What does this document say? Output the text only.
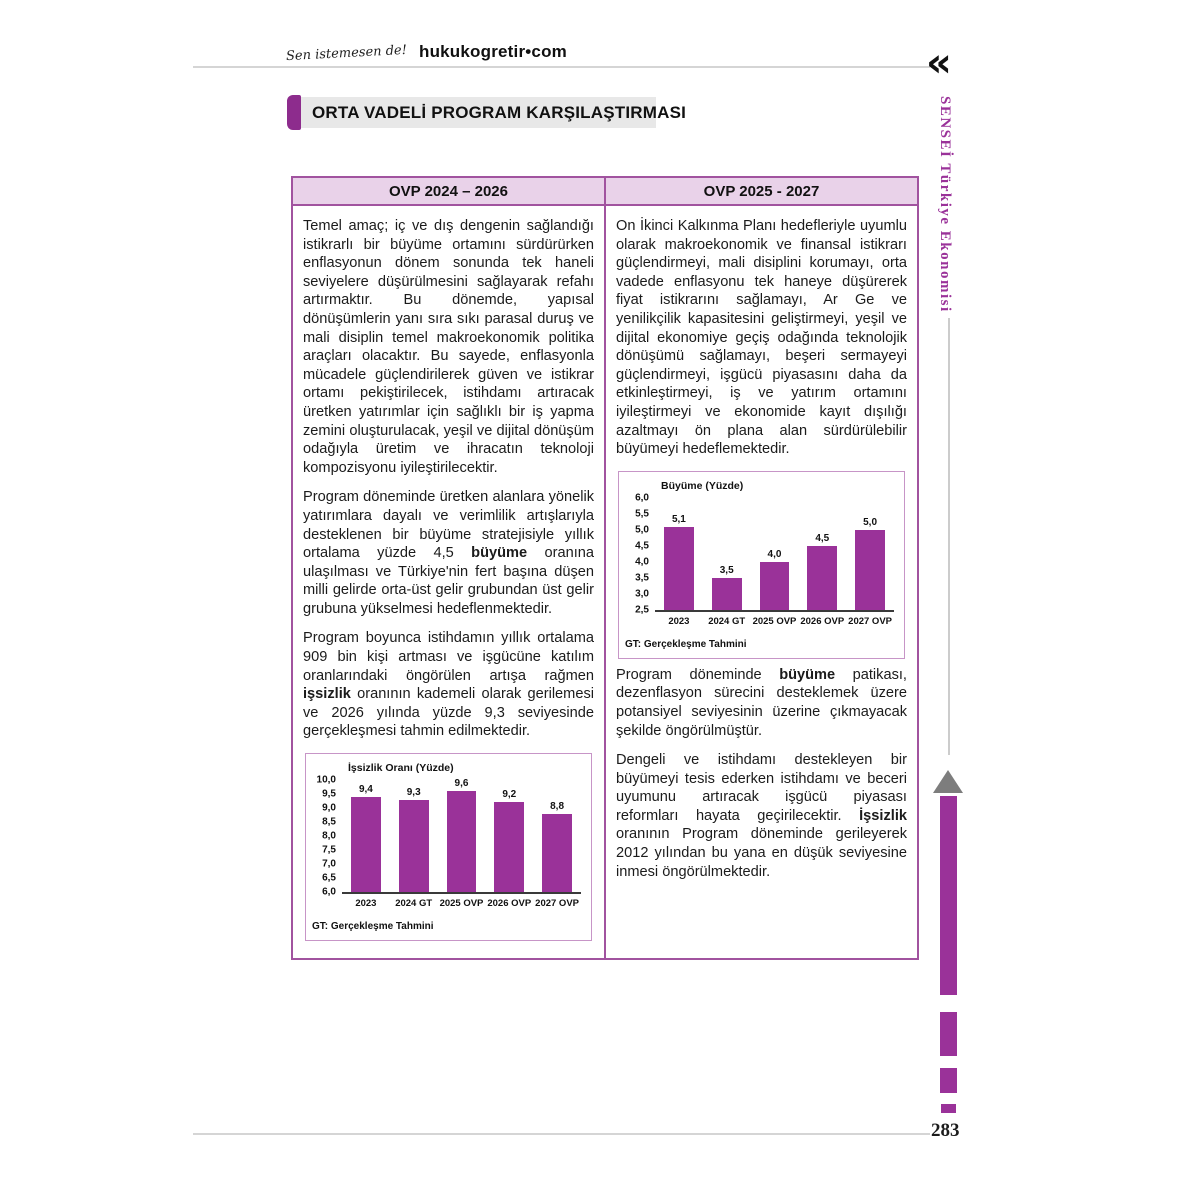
Sen istemesen de! hukukogretir•com	«
SENSEİ Türkiye Ekonomisi
283
ORTA VADELİ PROGRAM KARŞILAŞTIRMASI
OVP 2024 – 2026	OVP 2025 - 2027

Temel amaç; iç ve dış dengenin sağlandığı istikrarlı bir büyüme ortamını sürdürürken enflasyonun dönem sonunda tek haneli seviyelere düşürülmesini sağlayarak refahı artırmaktır. Bu dönemde, yapısal dönüşümlerin yanı sıra sıkı parasal duruş ve mali disiplin temel makroekonomik politika araçları olacaktır. Bu sayede, enflasyonla mücadele güçlendirilerek güven ve istikrar ortamı pekiştirilecek, istihdamı artıracak üretken yatırımlar için sağlıklı bir iş yapma zemini oluşturulacak, yeşil ve dijital dönüşüm odağıyla üretim ve ihracatın teknoloji kompozisyonu iyileştirilecektir.

Program döneminde üretken alanlara yönelik yatırımlara dayalı ve verimlilik artışlarıyla desteklenen bir büyüme stratejisiyle yıllık ortalama yüzde 4,5 büyüme oranına ulaşılması ve Türkiye'nin fert başına düşen milli gelirde orta-üst gelir grubundan üst gelir grubuna yükselmesi hedeflenmektedir.

Program boyunca istihdamın yıllık ortalama 909 bin kişi artması ve işgücüne katılım oranlarındaki öngörülen artışa rağmen işsizlik oranının kademeli olarak gerilemesi ve 2026 yılında yüzde 9,3 seviyesinde gerçekleşmesi tahmin edilmektedir.

İşsizlik Oranı (Yüzde)
10,0
9,5
9,0
8,5
8,0
7,5
7,0
6,5
6,0
9,4	9,3
9,6
9,2
8,8
2023	2024 GT 2025 OVP 2026 OVP 2027 OVP
GT: Gerçekleşme Tahmini

On İkinci Kalkınma Planı hedefleriyle uyumlu olarak makroekonomik ve finansal istikrarı güçlendirmeyi, mali disiplini korumayı, orta vadede enflasyonu tek haneye düşürerek fiyat istikrarını sağlamayı, Ar Ge ve yenilikçilik kapasitesini geliştirmeyi, yeşil ve dijital ekonomiye geçiş odağında teknolojik dönüşümü sağlamayı, beşeri sermayeyi güçlendirmeyi, işgücü piyasasını daha da etkinleştirmeyi, iş ve yatırım ortamını iyileştirmeyi ve ekonomide kayıt dışılığı azaltmayı ön plana alan sürdürülebilir büyümeyi hedeflemektedir.

Büyüme (Yüzde)
6,0
5,5
5,0
4,5
4,0
3,5
3,0
2,5
5,1
3,5
4,0
4,5
5,0
2023	2024 GT 2025 OVP 2026 OVP 2027 OVP
GT: Gerçekleşme Tahmini

Program döneminde büyüme patikası, dezenflasyon sürecini desteklemek üzere potansiyel seviyesinin üzerine çıkmayacak şekilde öngörülmüştür.

Dengeli ve istihdamı destekleyen bir büyümeyi tesis ederken istihdamı ve beceri uyumunu artıracak işgücü piyasası reformları hayata geçirilecektir. İşsizlik oranının Program döneminde gerileyerek 2012 yılından bu yana en düşük seviyesine inmesi öngörülmektedir.
